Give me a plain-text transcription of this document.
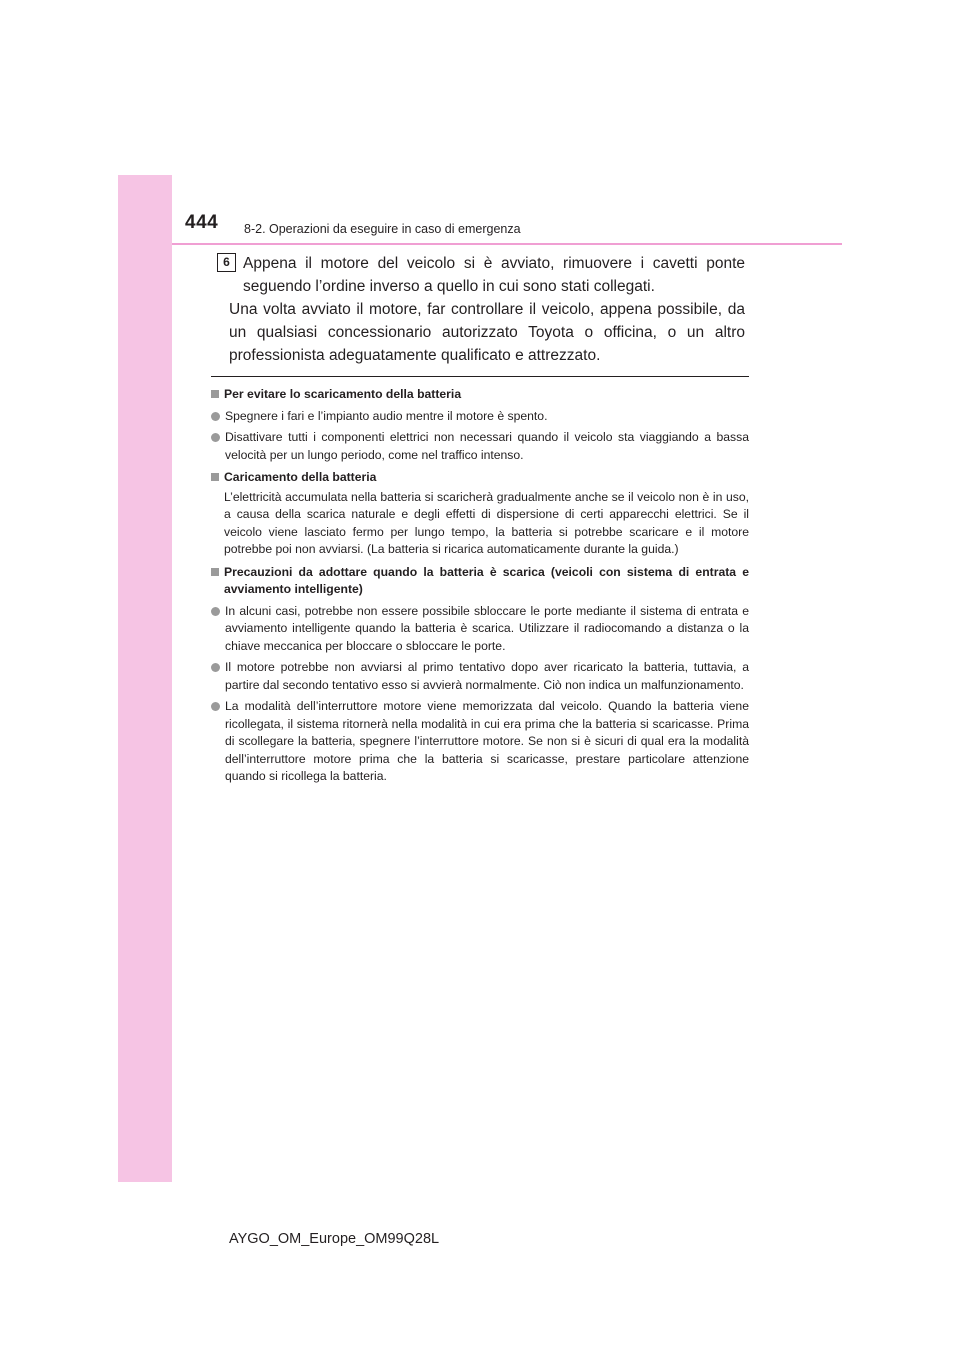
444 8-2. Operazioni da eseguire in caso di emergenza
6 Appena il motore del veicolo si è avviato, rimuovere i cavetti ponte seguendo l’ordine inverso a quello in cui sono stati collegati.
Una volta avviato il motore, far controllare il veicolo, appena possibile, da un qualsiasi concessionario autorizzato Toyota o officina, o un altro professionista adeguatamente qualificato e attrezzato.
Per evitare lo scaricamento della batteria
Spegnere i fari e l’impianto audio mentre il motore è spento.
Disattivare tutti i componenti elettrici non necessari quando il veicolo sta viaggiando a bassa velocità per un lungo periodo, come nel traffico intenso.
Caricamento della batteria
L’elettricità accumulata nella batteria si scaricherà gradualmente anche se il veicolo non è in uso, a causa della scarica naturale e degli effetti di dispersione di certi apparecchi elettrici. Se il veicolo viene lasciato fermo per lungo tempo, la batteria si potrebbe scaricare e il motore potrebbe poi non avviarsi. (La batteria si ricarica automaticamente durante la guida.)
Precauzioni da adottare quando la batteria è scarica (veicoli con sistema di entrata e avviamento intelligente)
In alcuni casi, potrebbe non essere possibile sbloccare le porte mediante il sistema di entrata e avviamento intelligente quando la batteria è scarica. Utilizzare il radiocomando a distanza o la chiave meccanica per bloccare o sbloccare le porte.
Il motore potrebbe non avviarsi al primo tentativo dopo aver ricaricato la batteria, tuttavia, a partire dal secondo tentativo esso si avvierà normalmente. Ciò non indica un malfunzionamento.
La modalità dell’interruttore motore viene memorizzata dal veicolo. Quando la batteria viene ricollegata, il sistema ritornerà nella modalità in cui era prima che la batteria si scaricasse. Prima di scollegare la batteria, spegnere l’interruttore motore. Se non si è sicuri di qual era la modalità dell’interruttore motore prima che la batteria si scaricasse, prestare particolare attenzione quando si ricollega la batteria.
AYGO_OM_Europe_OM99Q28L
